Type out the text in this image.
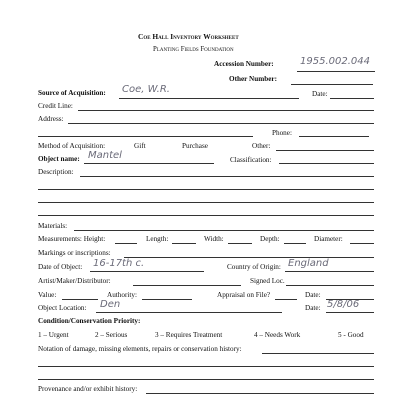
Coe Hall Inventory Worksheet
Planting Fields Foundation
Accession Number:	1955.002.044
Other Number:
Source of Acquisition: Coe, W.R.	Date:
Credit Line:
Address:
Phone:
Method of Acquisition:	Gift	Purchase	Other:
Object name: Mantel	Classification:
Description:
Materials:
Measurements: Height:	Length:	Width:	Depth:	Diameter:
Markings or inscriptions:
Date of Object: 16-17th c.	Country of Origin: England
Artist/Maker/Distributor:	Signed Loc.
Value:	Authority:	Appraisal on File?	Date:
Object Location: Den	Date: 5/8/06
Condition/Conservation Priority:
1 – Urgent	2 – Serious	3 – Requires Treatment	4 – Needs Work	5 - Good
Notation of damage, missing elements, repairs or conservation history:
Provenance and/or exhibit history:
